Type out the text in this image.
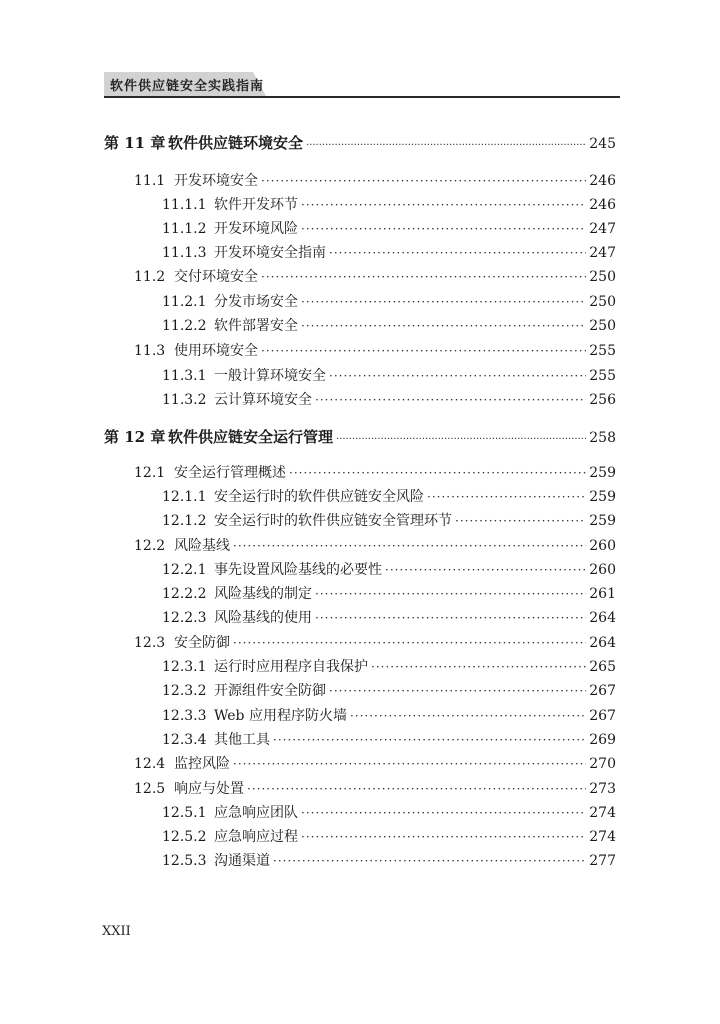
软件供应链安全实践指南
第 11 章 软件供应链环境安全 ·····	245
11.1 开发环境安全 ·····	246
11.1.1 软件开发环节 ·····	246
11.1.2 开发环境风险 ·····	247
11.1.3 开发环境安全指南 ·····	247
11.2 交付环境安全 ·····	250
11.2.1 分发市场安全 ·····	250
11.2.2 软件部署安全 ·····	250
11.3 使用环境安全 ·····	255
11.3.1 一般计算环境安全 ·····	255
11.3.2 云计算环境安全 ·····	256
第 12 章 软件供应链安全运行管理 ·····	258
12.1 安全运行管理概述 ·····	259
12.1.1 安全运行时的软件供应链安全风险 ·····	259
12.1.2 安全运行时的软件供应链安全管理环节 ·····	259
12.2 风险基线 ·····	260
12.2.1 事先设置风险基线的必要性 ·····	260
12.2.2 风险基线的制定 ·····	261
12.2.3 风险基线的使用 ·····	264
12.3 安全防御 ·····	264
12.3.1 运行时应用程序自我保护 ·····	265
12.3.2 开源组件安全防御 ·····	267
12.3.3 Web 应用程序防火墙 ·····	267
12.3.4 其他工具 ·····	269
12.4 监控风险 ·····	270
12.5 响应与处置 ·····	273
12.5.1 应急响应团队 ·····	274
12.5.2 应急响应过程 ·····	274
12.5.3 沟通渠道 ·····	277
XXII
